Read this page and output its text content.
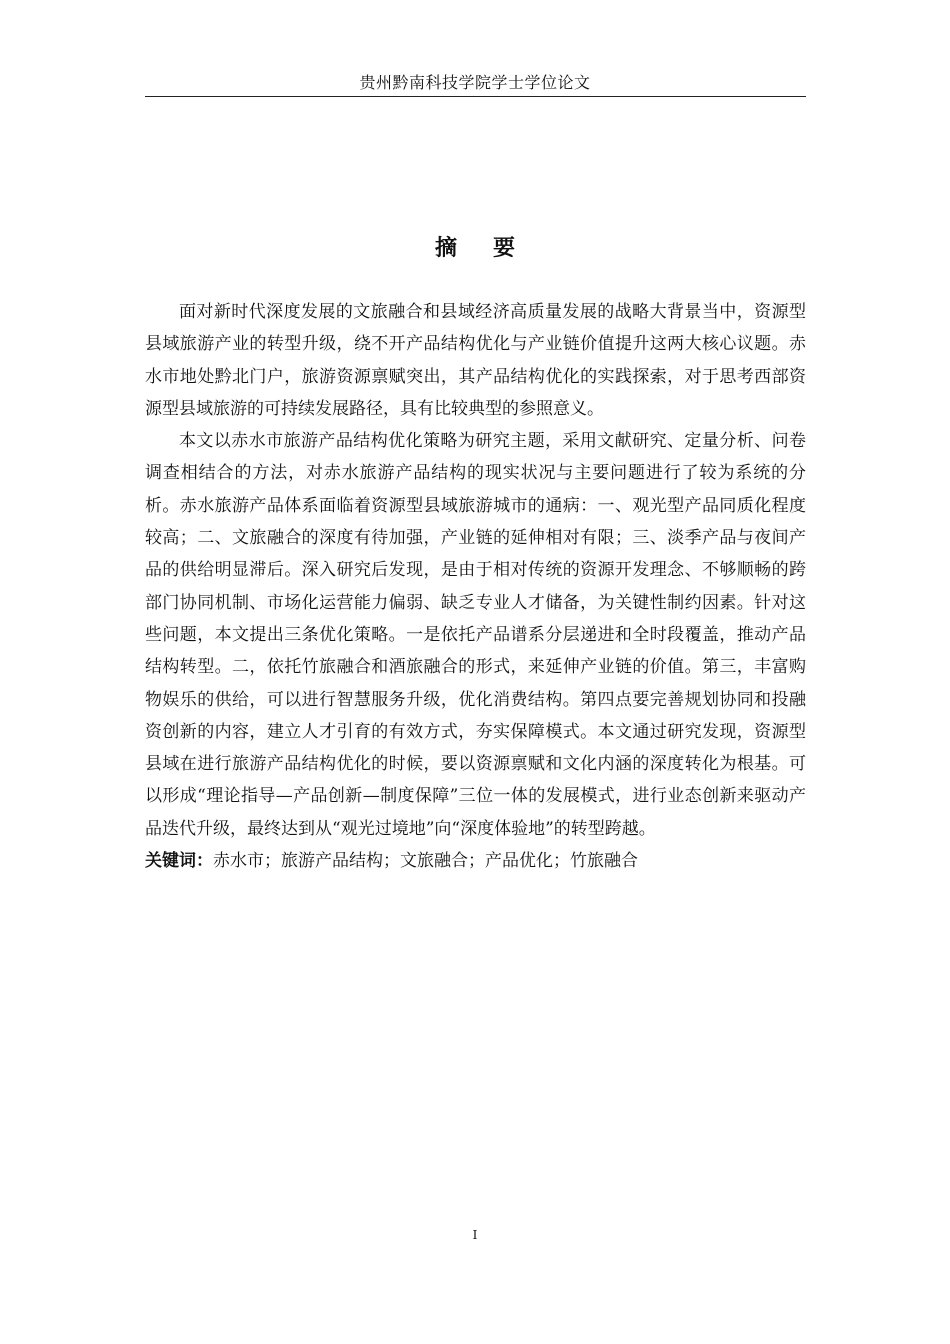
贵州黔南科技学院学士学位论文
摘要

面对新时代深度发展的文旅融合和县域经济高质量发展的战略大背景当中，资源型县域旅游产业的转型升级，绕不开产品结构优化与产业链价值提升这两大核心议题。赤水市地处黔北门户，旅游资源禀赋突出，其产品结构优化的实践探索，对于思考西部资源型县域旅游的可持续发展路径，具有比较典型的参照意义。

本文以赤水市旅游产品结构优化策略为研究主题，采用文献研究、定量分析、问卷调查相结合的方法，对赤水旅游产品结构的现实状况与主要问题进行了较为系统的分析。赤水旅游产品体系面临着资源型县域旅游城市的通病：一、观光型产品同质化程度较高；二、文旅融合的深度有待加强，产业链的延伸相对有限；三、淡季产品与夜间产品的供给明显滞后。深入研究后发现，是由于相对传统的资源开发理念、不够顺畅的跨部门协同机制、市场化运营能力偏弱、缺乏专业人才储备，为关键性制约因素。针对这些问题，本文提出三条优化策略。一是依托产品谱系分层递进和全时段覆盖，推动产品结构转型。二，依托竹旅融合和酒旅融合的形式，来延伸产业链的价值。第三，丰富购物娱乐的供给，可以进行智慧服务升级，优化消费结构。第四点要完善规划协同和投融资创新的内容，建立人才引育的有效方式，夯实保障模式。本文通过研究发现，资源型县域在进行旅游产品结构优化的时候，要以资源禀赋和文化内涵的深度转化为根基。可以形成“理论指导—产品创新—制度保障”三位一体的发展模式，进行业态创新来驱动产品迭代升级，最终达到从“观光过境地”向“深度体验地”的转型跨越。

关键词：赤水市；旅游产品结构；文旅融合；产品优化；竹旅融合
I
